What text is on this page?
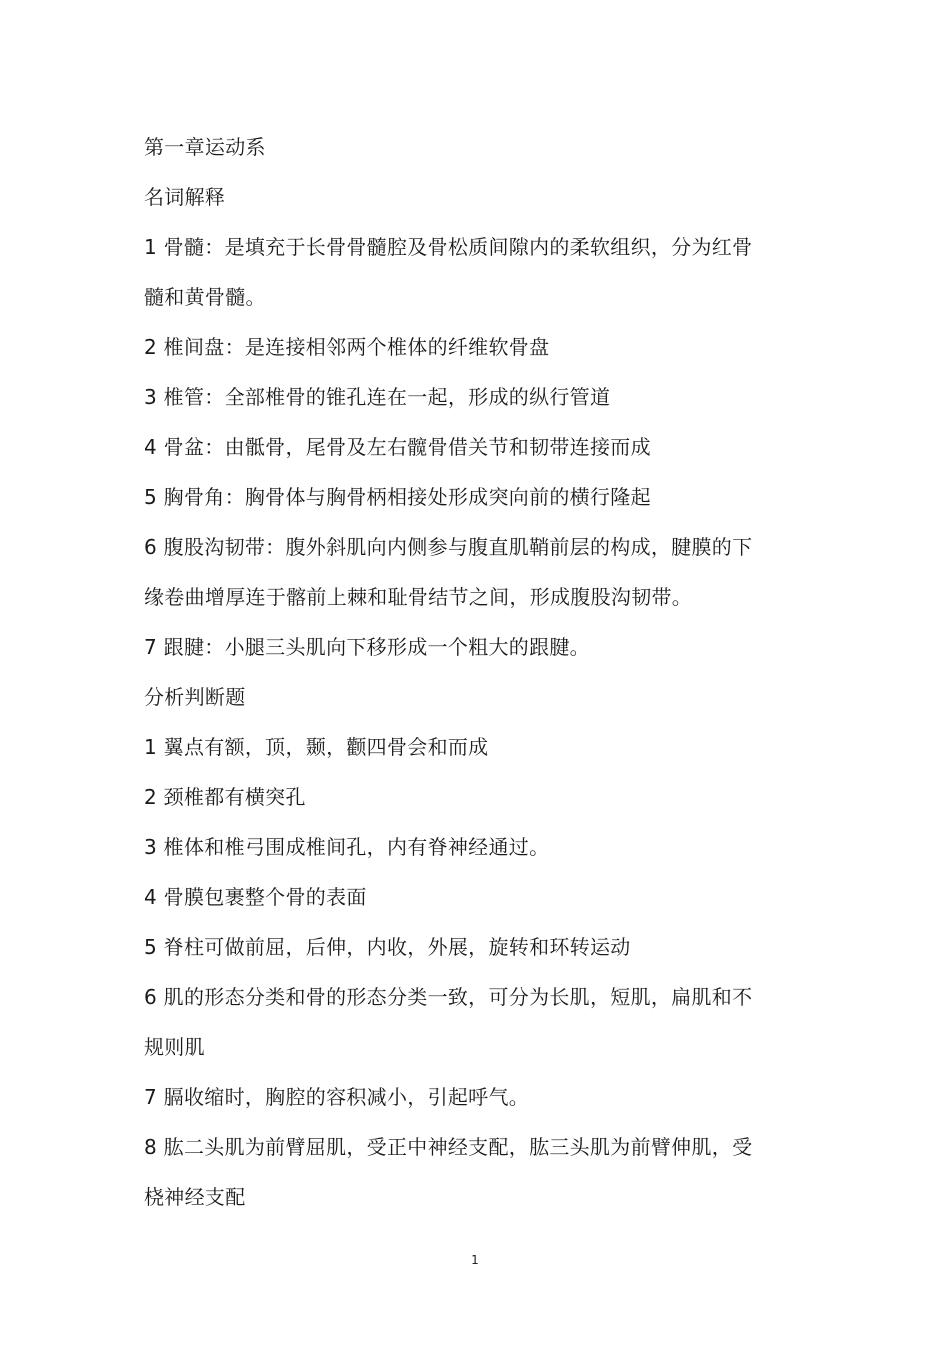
第一章运动系
名词解释
1 骨髓：是填充于长骨骨髓腔及骨松质间隙内的柔软组织，分为红骨
髓和黄骨髓。
2 椎间盘：是连接相邻两个椎体的纤维软骨盘
3 椎管：全部椎骨的锥孔连在一起，形成的纵行管道
4 骨盆：由骶骨，尾骨及左右髋骨借关节和韧带连接而成
5 胸骨角：胸骨体与胸骨柄相接处形成突向前的横行隆起
6 腹股沟韧带：腹外斜肌向内侧参与腹直肌鞘前层的构成，腱膜的下
缘卷曲增厚连于髂前上棘和耻骨结节之间，形成腹股沟韧带。
7 跟腱：小腿三头肌向下移形成一个粗大的跟腱。
分析判断题
1 翼点有额，顶，颞，颧四骨会和而成
2 颈椎都有横突孔
3 椎体和椎弓围成椎间孔，内有脊神经通过。
4 骨膜包裹整个骨的表面
5 脊柱可做前屈，后伸，内收，外展，旋转和环转运动
6 肌的形态分类和骨的形态分类一致，可分为长肌，短肌，扁肌和不
规则肌
7 膈收缩时，胸腔的容积减小，引起呼气。
8 肱二头肌为前臂屈肌，受正中神经支配，肱三头肌为前臂伸肌，受
桡神经支配
1
